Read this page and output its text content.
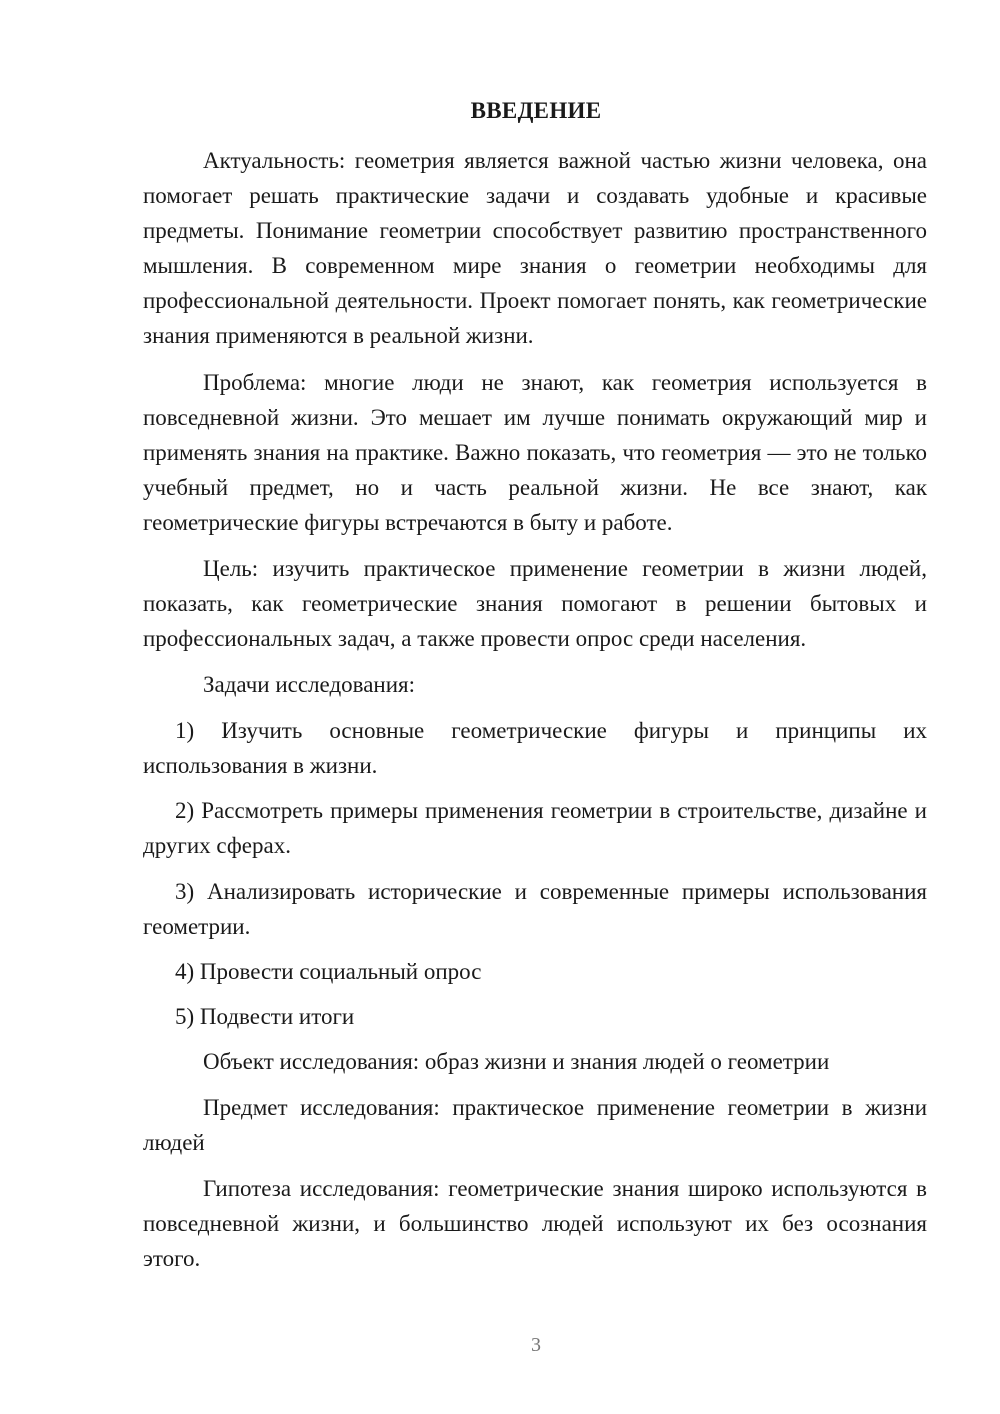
ВВЕДЕНИЕ

Актуальность: геометрия является важной частью жизни человека, она помогает решать практические задачи и создавать удобные и красивые предметы. Понимание геометрии способствует развитию пространственного мышления. В современном мире знания о геометрии необходимы для профессиональной деятельности. Проект помогает понять, как геометрические знания применяются в реальной жизни.

Проблема: многие люди не знают, как геометрия используется в повседневной жизни. Это мешает им лучше понимать окружающий мир и применять знания на практике. Важно показать, что геометрия — это не только учебный предмет, но и часть реальной жизни. Не все знают, как геометрические фигуры встречаются в быту и работе.

Цель: изучить практическое применение геометрии в жизни людей, показать, как геометрические знания помогают в решении бытовых и профессиональных задач, а также провести опрос среди населения.

Задачи исследования:

1) Изучить основные геометрические фигуры и принципы их использования в жизни.

2) Рассмотреть примеры применения геометрии в строительстве, дизайне и других сферах.

3) Анализировать исторические и современные примеры использования геометрии.

4) Провести социальный опрос

5) Подвести итоги

Объект исследования: образ жизни и знания людей о геометрии

Предмет исследования: практическое применение геометрии в жизни людей

Гипотеза исследования: геометрические знания широко используются в повседневной жизни, и большинство людей используют их без осознания этого.

3
